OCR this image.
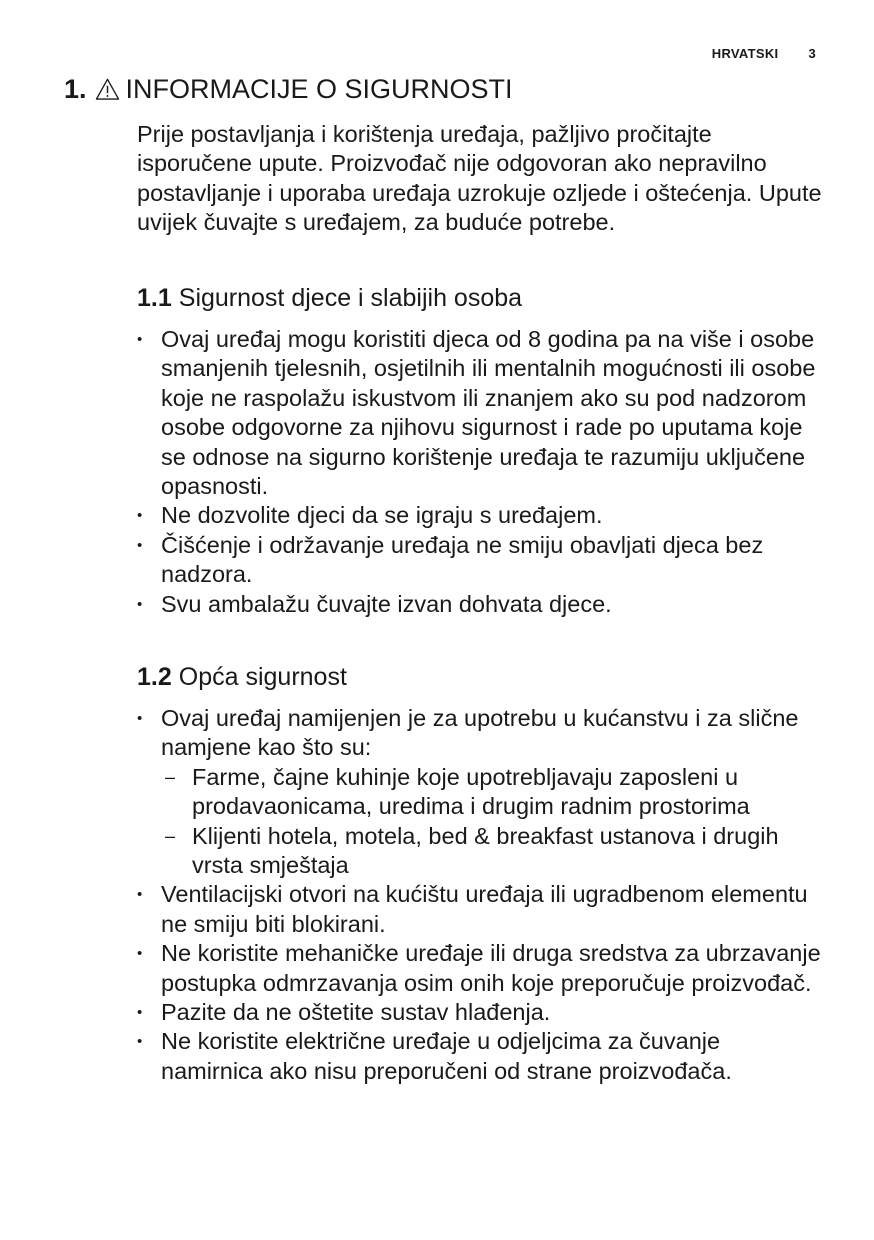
HRVATSKI 3
1. INFORMACIJE O SIGURNOSTI

Prije postavljanja i korištenja uređaja, pažljivo pročitajte isporučene upute. Proizvođač nije odgovoran ako nepravilno postavljanje i uporaba uređaja uzrokuje ozljede i oštećenja. Upute uvijek čuvajte s uređajem, za buduće potrebe.

1.1 Sigurnost djece i slabijih osoba
• Ovaj uređaj mogu koristiti djeca od 8 godina pa na više i osobe smanjenih tjelesnih, osjetilnih ili mentalnih mogućnosti ili osobe koje ne raspolažu iskustvom ili znanjem ako su pod nadzorom osobe odgovorne za njihovu sigurnost i rade po uputama koje se odnose na sigurno korištenje uređaja te razumiju uključene opasnosti.
• Ne dozvolite djeci da se igraju s uređajem.
• Čišćenje i održavanje uređaja ne smiju obavljati djeca bez nadzora.
• Svu ambalažu čuvajte izvan dohvata djece.
1.2 Opća sigurnost
• Ovaj uređaj namijenjen je za upotrebu u kućanstvu i za slične namjene kao što su:
– Farme, čajne kuhinje koje upotrebljavaju zaposleni u prodavaonicama, uredima i drugim radnim prostorima
– Klijenti hotela, motela, bed & breakfast ustanova i drugih vrsta smještaja
• Ventilacijski otvori na kućištu uređaja ili ugradbenom elementu ne smiju biti blokirani.
• Ne koristite mehaničke uređaje ili druga sredstva za ubrzavanje postupka odmrzavanja osim onih koje preporučuje proizvođač.
• Pazite da ne oštetite sustav hlađenja.
• Ne koristite električne uređaje u odjeljcima za čuvanje namirnica ako nisu preporučeni od strane proizvođača.
